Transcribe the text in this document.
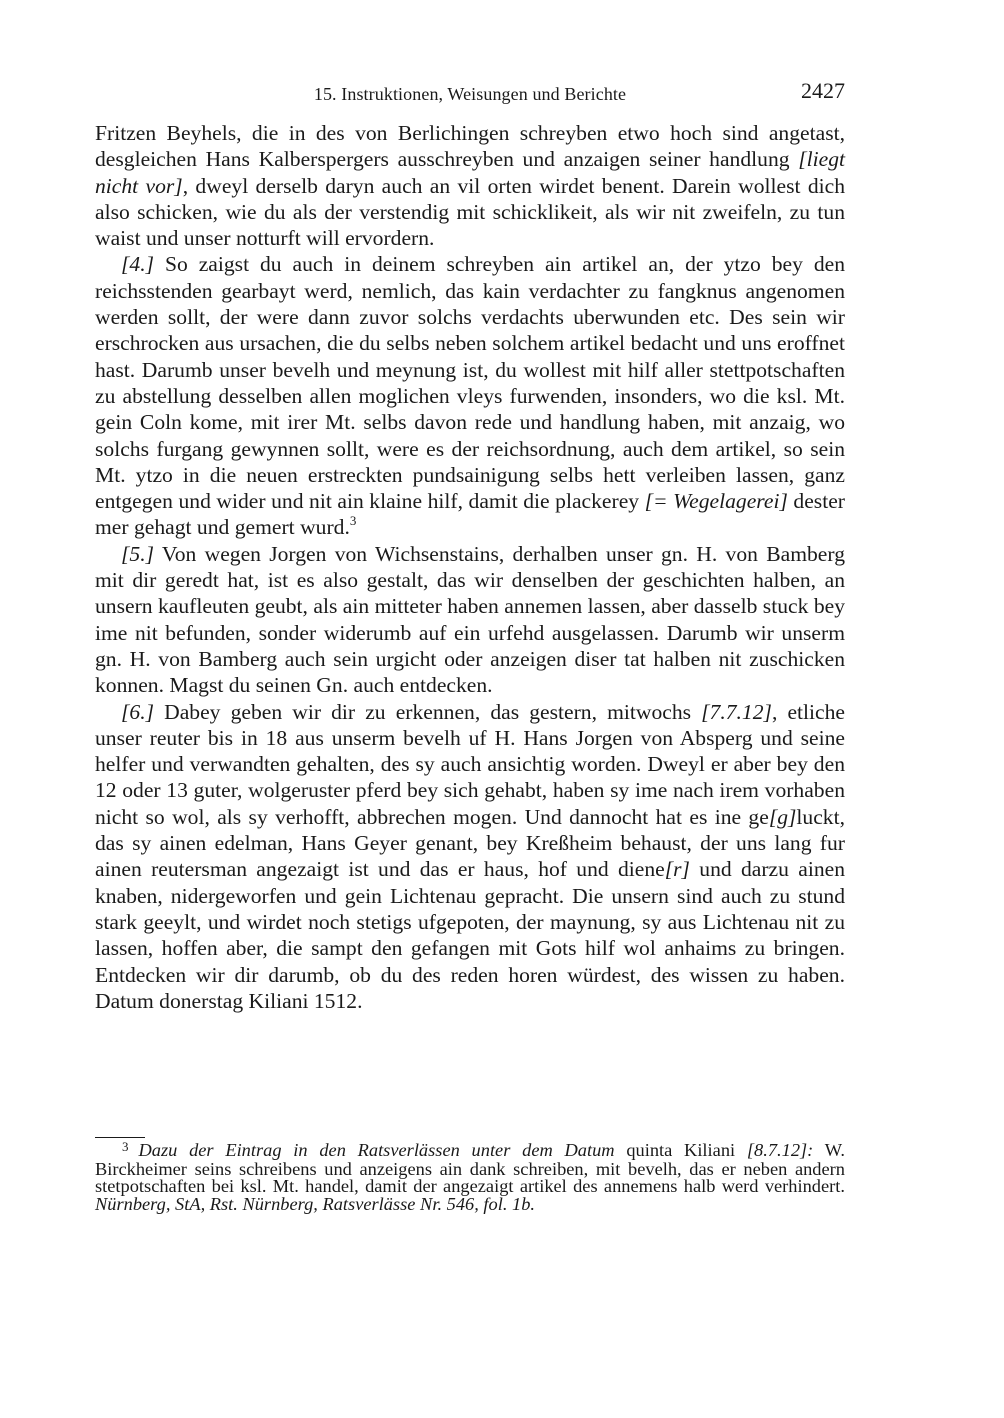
15. Instruktionen, Weisungen und Berichte	2427

Fritzen Beyhels, die in des von Berlichingen schreyben etwo hoch sind angetast, desgleichen Hans Kalberspergers ausschreyben und anzaigen seiner handlung [liegt nicht vor], dweyl derselb daryn auch an vil orten wirdet benent. Darein wollest dich also schicken, wie du als der verstendig mit schicklikeit, als wir nit zweifeln, zu tun waist und unser notturft will ervordern.

[4.] So zaigst du auch in deinem schreyben ain artikel an, der ytzo bey den reichsstenden gearbayt werd, nemlich, das kain verdachter zu fangknus angenomen werden sollt, der were dann zuvor solchs verdachts uberwunden etc. Des sein wir erschrocken aus ursachen, die du selbs neben solchem artikel bedacht und uns eroffnet hast. Darumb unser bevelh und meynung ist, du wollest mit hilf aller stettpotschaften zu abstellung desselben allen moglichen vleys furwenden, insonders, wo die ksl. Mt. gein Coln kome, mit irer Mt. selbs davon rede und handlung haben, mit anzaig, wo solchs furgang gewynnen sollt, were es der reichsordnung, auch dem artikel, so sein Mt. ytzo in die neuen erstreckten pundsainigung selbs hett verleiben lassen, ganz entgegen und wider und nit ain klaine hilf, damit die plackerey [= Wegelagerei] dester mer gehagt und gemert wurd.$^3$

[5.] Von wegen Jorgen von Wichsenstains, derhalben unser gn. H. von Bamberg mit dir geredt hat, ist es also gestalt, das wir denselben der geschichten halben, an unsern kaufleuten geubt, als ain mitteter haben annemen lassen, aber dasselb stuck bey ime nit befunden, sonder widerumb auf ein urfehd ausgelassen. Darumb wir unserm gn. H. von Bamberg auch sein urgicht oder anzeigen diser tat halben nit zuschicken konnen. Magst du seinen Gn. auch entdecken.

[6.] Dabey geben wir dir zu erkennen, das gestern, mitwochs [7.7.12], etliche unser reuter bis in 18 aus unserm bevelh uf H. Hans Jorgen von Absperg und seine helfer und verwandten gehalten, des sy auch ansichtig worden. Dweyl er aber bey den 12 oder 13 guter, wolgeruster pferd bey sich gehabt, haben sy ime nach irem vorhaben nicht so wol, als sy verhofft, abbrechen mogen. Und dannocht hat es ine ge[g]luckt, das sy ainen edelman, Hans Geyer genant, bey Kreßheim behaust, der uns lang fur ainen reutersman angezaigt ist und das er haus, hof und diene[r] und darzu ainen knaben, nidergeworfen und gein Lichtenau gepracht. Die unsern sind auch zu stund stark geeylt, und wirdet noch stetigs ufgepoten, der maynung, sy aus Lichtenau nit zu lassen, hoffen aber, die sampt den gefangen mit Gots hilf wol anhaims zu bringen. Entdecken wir dir darumb, ob du des reden horen würdest, des wissen zu haben. Datum donerstag Kiliani 1512.

$^3$ Dazu der Eintrag in den Ratsverlässen unter dem Datum quinta Kiliani [8.7.12]: W. Birckheimer seins schreibens und anzeigens ain dank schreiben, mit bevelh, das er neben andern stetpotschaften bei ksl. Mt. handel, damit der angezaigt artikel des annemens halb werd verhindert. Nürnberg, StA, Rst. Nürnberg, Ratsverlässe Nr. 546, fol. 1b.
